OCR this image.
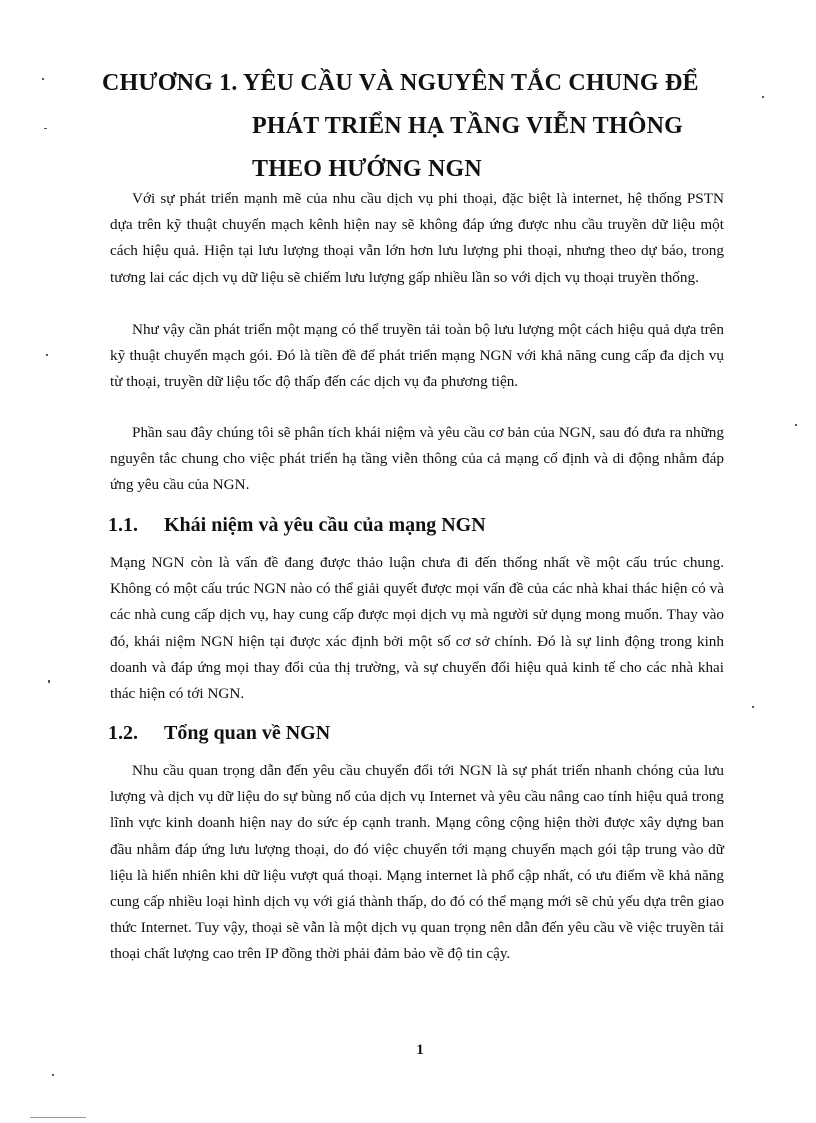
CHƯƠNG 1. YÊU CẦU VÀ NGUYÊN TẮC CHUNG ĐỂ
PHÁT TRIỂN HẠ TẦNG VIỄN THÔNG
THEO HƯỚNG NGN

Với sự phát triển mạnh mẽ của nhu cầu dịch vụ phi thoại, đặc biệt là internet, hệ thống PSTN dựa trên kỹ thuật chuyển mạch kênh hiện nay sẽ không đáp ứng được nhu cầu truyền dữ liệu một cách hiệu quả. Hiện tại lưu lượng thoại vẫn lớn hơn lưu lượng phi thoại, nhưng theo dự báo, trong tương lai các dịch vụ dữ liệu sẽ chiếm lưu lượng gấp nhiều lần so với dịch vụ thoại truyền thống.

Như vậy cần phát triển một mạng có thể truyền tải toàn bộ lưu lượng một cách hiệu quả dựa trên kỹ thuật chuyển mạch gói. Đó là tiền đề để phát triển mạng NGN với khả năng cung cấp đa dịch vụ từ thoại, truyền dữ liệu tốc độ thấp đến các dịch vụ đa phương tiện.

Phần sau đây chúng tôi sẽ phân tích khái niệm và yêu cầu cơ bản của NGN, sau đó đưa ra những nguyên tắc chung cho việc phát triển hạ tầng viễn thông của cả mạng cố định và di động nhằm đáp ứng yêu cầu của NGN.

1.1. Khái niệm và yêu cầu của mạng NGN

Mạng NGN còn là vấn đề đang được thảo luận chưa đi đến thống nhất về một cấu trúc chung. Không có một cấu trúc NGN nào có thể giải quyết được mọi vấn đề của các nhà khai thác hiện có và các nhà cung cấp dịch vụ, hay cung cấp được mọi dịch vụ mà người sử dụng mong muốn. Thay vào đó, khái niệm NGN hiện tại được xác định bởi một số cơ sở chính. Đó là sự linh động trong kinh doanh và đáp ứng mọi thay đổi của thị trường, và sự chuyển đổi hiệu quả kinh tế cho các nhà khai thác hiện có tới NGN.

1.2. Tổng quan về NGN

Nhu cầu quan trọng dẫn đến yêu cầu chuyển đổi tới NGN là sự phát triển nhanh chóng của lưu lượng và dịch vụ dữ liệu do sự bùng nổ của dịch vụ Internet và yêu cầu nâng cao tính hiệu quả trong lĩnh vực kinh doanh hiện nay do sức ép cạnh tranh. Mạng công cộng hiện thời được xây dựng ban đầu nhằm đáp ứng lưu lượng thoại, do đó việc chuyển tới mạng chuyển mạch gói tập trung vào dữ liệu là hiển nhiên khi dữ liệu vượt quá thoại. Mạng internet là phổ cập nhất, có ưu điểm về khả năng cung cấp nhiều loại hình dịch vụ với giá thành thấp, do đó có thể mạng mới sẽ chủ yếu dựa trên giao thức Internet. Tuy vậy, thoại sẽ vẫn là một dịch vụ quan trọng nên dẫn đến yêu cầu về việc truyền tải thoại chất lượng cao trên IP đồng thời phải đảm bảo về độ tin cậy.

1
